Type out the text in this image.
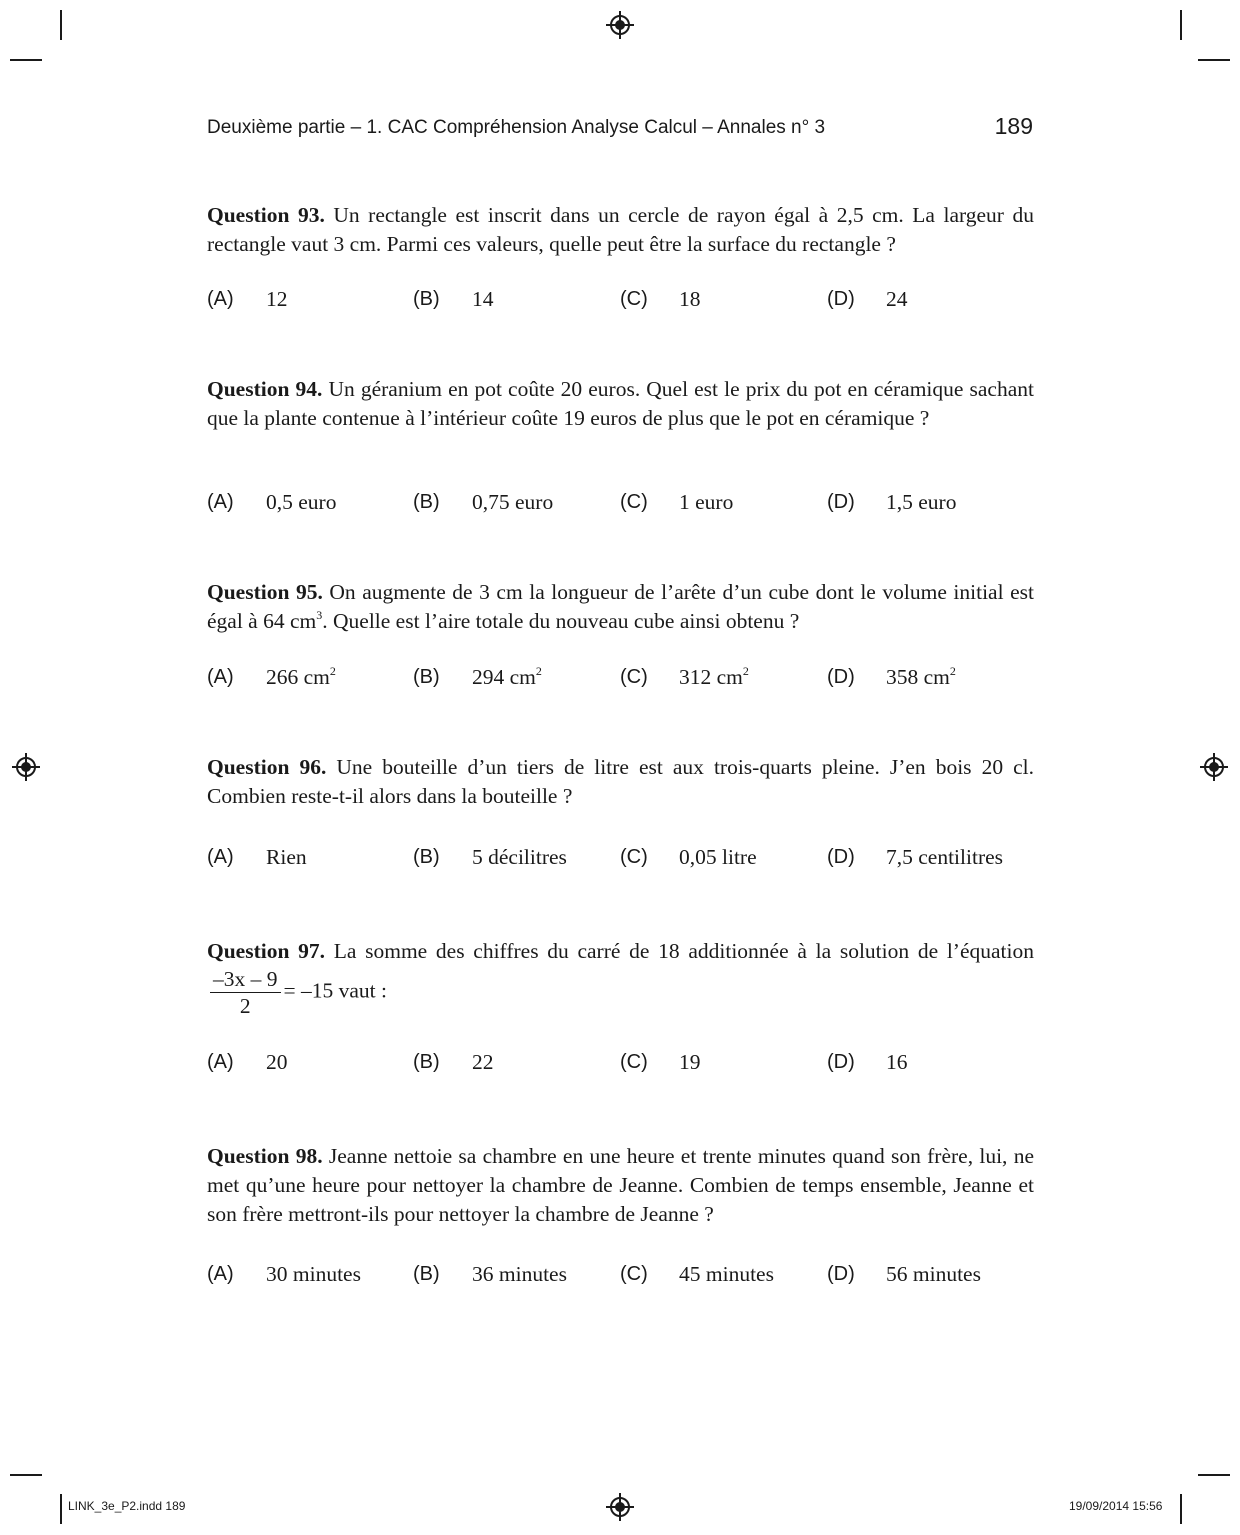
Deuxième partie – 1. CAC Compréhension Analyse Calcul – Annales n° 3	189

Question 93. Un rectangle est inscrit dans un cercle de rayon égal à 2,5 cm. La largeur du rectangle vaut 3 cm. Parmi ces valeurs, quelle peut être la surface du rectangle ?

(A) 12	(B) 14	(C) 18	(D) 24

Question 94. Un géranium en pot coûte 20 euros. Quel est le prix du pot en céramique sachant que la plante contenue à l’intérieur coûte 19 euros de plus que le pot en céramique ?

(A) 0,5 euro	(B) 0,75 euro	(C) 1 euro	(D) 1,5 euro

Question 95. On augmente de 3 cm la longueur de l’arête d’un cube dont le volume initial est égal à 64 $cm^3$. Quelle est l’aire totale du nouveau cube ainsi obtenu ?

(A) 266 $cm^2$	(B) 294 $cm^2$	(C) 312 $cm^2$	(D) 358 $cm^2$

Question 96. Une bouteille d’un tiers de litre est aux trois-quarts pleine. J’en bois 20 cl. Combien reste-t-il alors dans la bouteille ?

(A) Rien	(B) 5 décilitres	(C) 0,05 litre	(D) 7,5 centilitres

Question 97. La somme des chiffres du carré de 18 additionnée à la solution de l’équation
$\frac{-3x - 9}{2} = -15$ vaut :

(A) 20	(B) 22	(C) 19	(D) 16

Question 98. Jeanne nettoie sa chambre en une heure et trente minutes quand son frère, lui, ne met qu’une heure pour nettoyer la chambre de Jeanne. Combien de temps ensemble, Jeanne et son frère mettront-ils pour nettoyer la chambre de Jeanne ?

(A) 30 minutes	(B) 36 minutes	(C) 45 minutes	(D) 56 minutes
LINK_3e_P2.indd 189	19/09/2014 15:56
